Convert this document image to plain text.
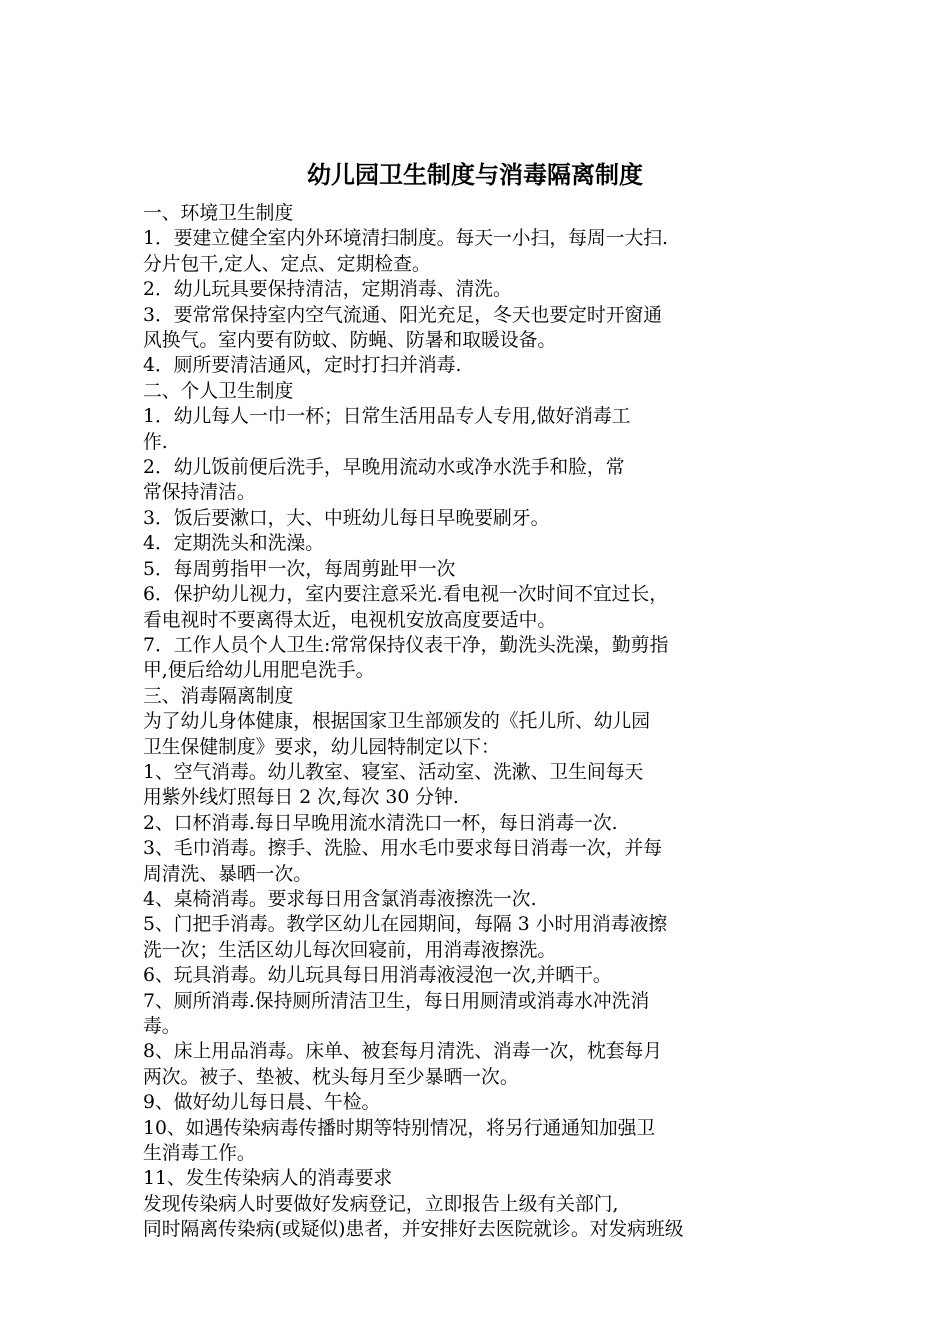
幼儿园卫生制度与消毒隔离制度

一、环境卫生制度

1．要建立健全室内外环境清扫制度。每天一小扫，每周一大扫.

分片包干,定人、定点、定期检查。

2．幼儿玩具要保持清洁，定期消毒、清洗。

3．要常常保持室内空气流通、阳光充足，冬天也要定时开窗通

风换气。室内要有防蚊、防蝇、防暑和取暖设备。

4．厕所要清洁通风，定时打扫并消毒.

二、个人卫生制度

1．幼儿每人一巾一杯；日常生活用品专人专用,做好消毒工

作.

2．幼儿饭前便后洗手，早晚用流动水或净水洗手和脸，常

常保持清洁。

3．饭后要漱口，大、中班幼儿每日早晚要刷牙。

4．定期洗头和洗澡。

5．每周剪指甲一次，每周剪趾甲一次

6．保护幼儿视力，室内要注意采光.看电视一次时间不宜过长，

看电视时不要离得太近，电视机安放高度要适中。

7．工作人员个人卫生:常常保持仪表干净，勤洗头洗澡，勤剪指

甲,便后给幼儿用肥皂洗手。

三、消毒隔离制度

为了幼儿身体健康，根据国家卫生部颁发的《托儿所、幼儿园

卫生保健制度》要求，幼儿园特制定以下：

1、空气消毒。幼儿教室、寝室、活动室、洗漱、卫生间每天

用紫外线灯照每日 2 次,每次 30 分钟.

2、口杯消毒.每日早晚用流水清洗口一杯，每日消毒一次.

3、毛巾消毒。擦手、洗脸、用水毛巾要求每日消毒一次，并每

周清洗、暴晒一次。

4、桌椅消毒。要求每日用含氯消毒液擦洗一次.

5、门把手消毒。教学区幼儿在园期间，每隔 3 小时用消毒液擦

洗一次；生活区幼儿每次回寝前，用消毒液擦洗。

6、玩具消毒。幼儿玩具每日用消毒液浸泡一次,并晒干。

7、厕所消毒.保持厕所清洁卫生，每日用厕清或消毒水冲洗消

毒。

8、床上用品消毒。床单、被套每月清洗、消毒一次，枕套每月

两次。被子、垫被、枕头每月至少暴晒一次。

9、做好幼儿每日晨、午检。

10、如遇传染病毒传播时期等特别情况，将另行通通知加强卫

生消毒工作。

11、发生传染病人的消毒要求

发现传染病人时要做好发病登记，立即报告上级有关部门,

同时隔离传染病(或疑似)患者，并安排好去医院就诊。对发病班级
